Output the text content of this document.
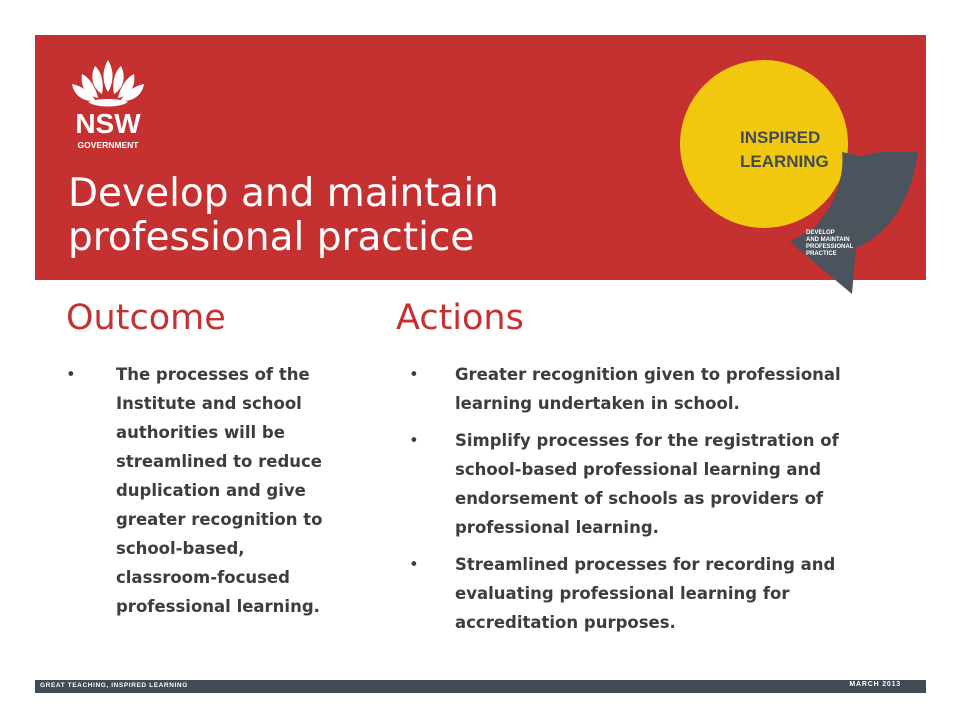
NSW
GOVERNMENT
Develop and maintain
professional practice
INSPIRED
LEARNING
DEVELOP
AND MAINTAIN
PROFESSIONAL
PRACTICE
Outcome	Actions
• The processes of the
Institute and school
authorities will be
streamlined to reduce
duplication and give
greater recognition to
school-based,
classroom-focused
professional learning.
• Greater recognition given to professional
learning undertaken in school.
• Simplify processes for the registration of
school-based professional learning and
endorsement of schools as providers of
professional learning.
• Streamlined processes for recording and
evaluating professional learning for
accreditation purposes.
GREAT TEACHING, INSPIRED LEARNING	MARCH 2013
